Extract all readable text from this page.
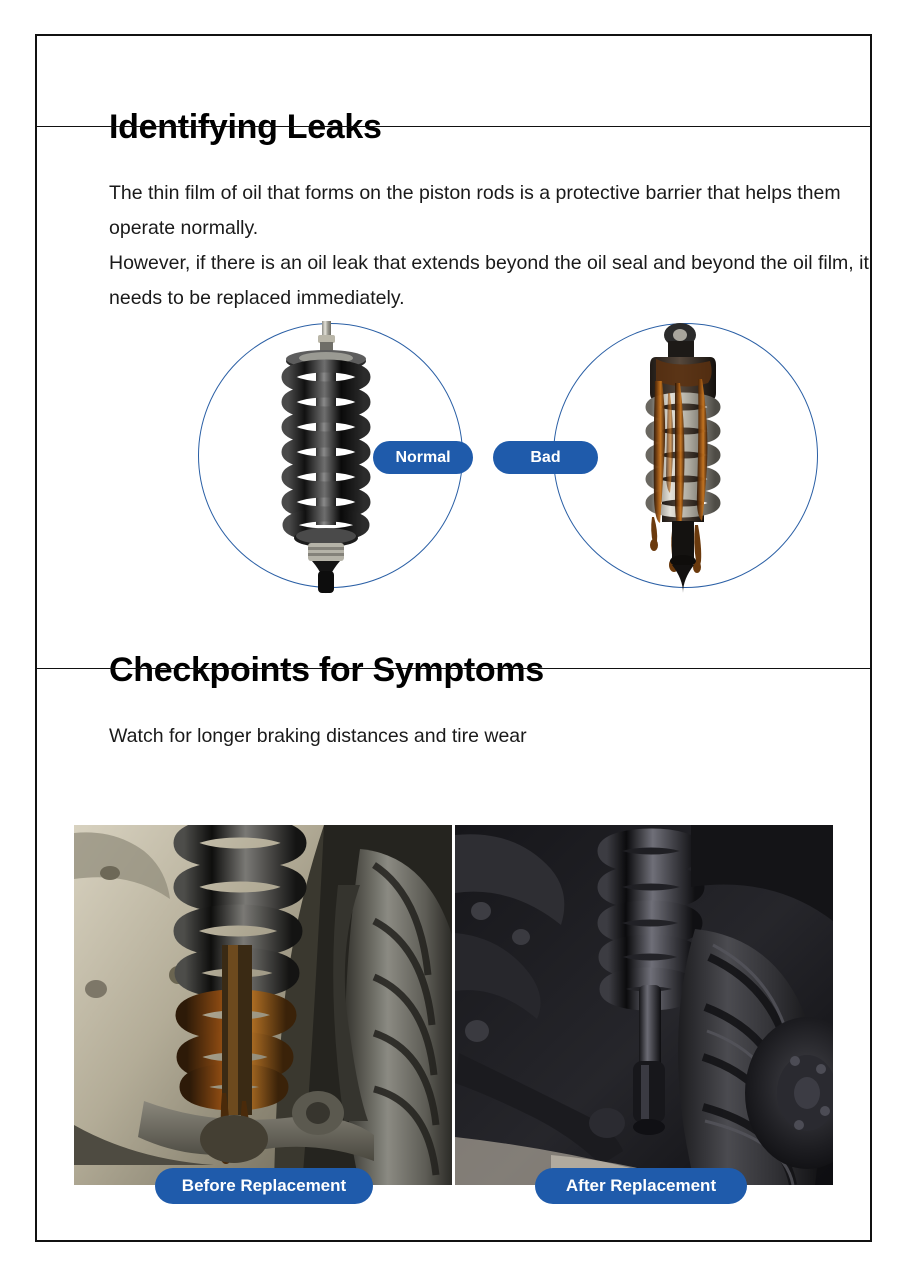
Identifying Leaks
The thin film of oil that forms on the piston rods is a protective barrier that helps them operate normally.
However, if there is an oil leak that extends beyond the oil seal and beyond the oil film, it needs to be replaced immediately.
Normal	Bad
Checkpoints for Symptoms
Watch for longer braking distances and tire wear
Before Replacement	After Replacement
